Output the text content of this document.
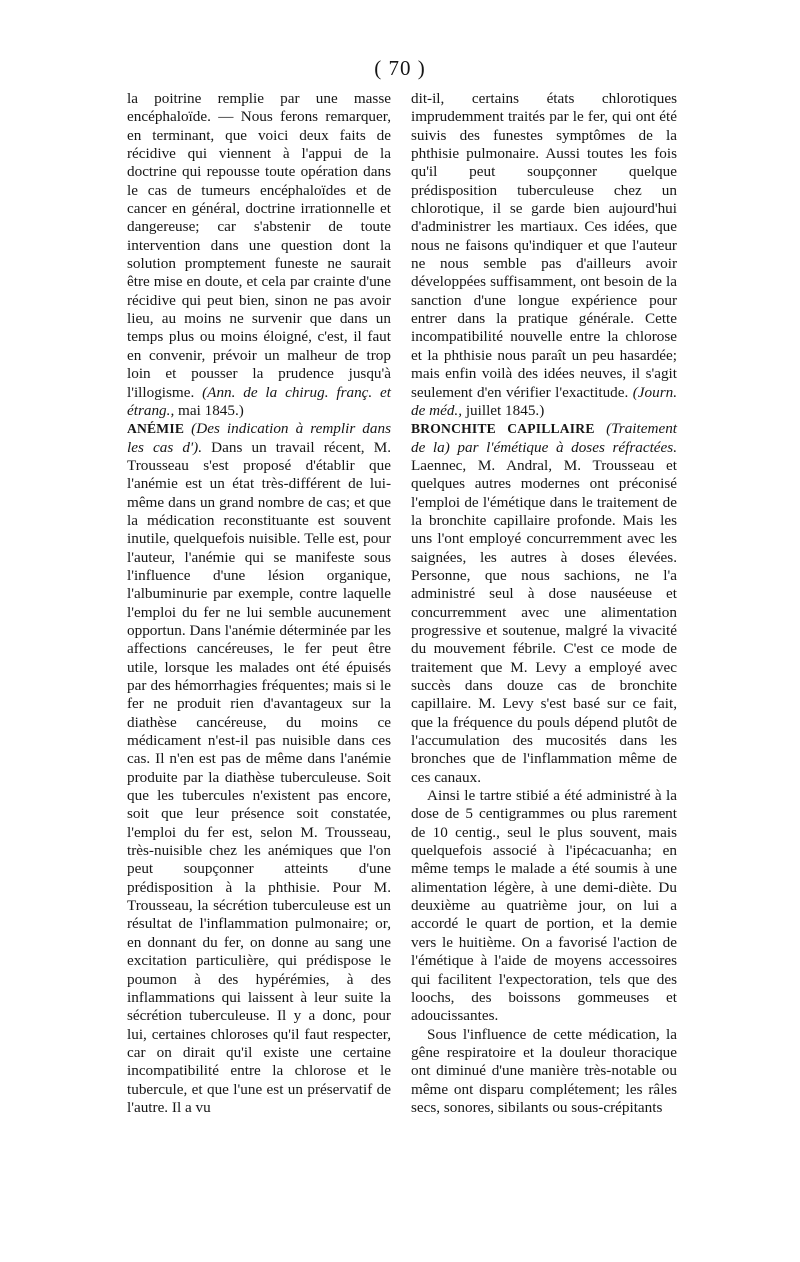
( 70 )

la poitrine remplie par une masse encéphaloïde. — Nous ferons remarquer, en terminant, que voici deux faits de récidive qui viennent à l'appui de la doctrine qui repousse toute opération dans le cas de tumeurs encéphaloïdes et de cancer en général, doctrine irrationnelle et dangereuse; car s'abstenir de toute intervention dans une question dont la solution promptement funeste ne saurait être mise en doute, et cela par crainte d'une récidive qui peut bien, sinon ne pas avoir lieu, au moins ne survenir que dans un temps plus ou moins éloigné, c'est, il faut en convenir, prévoir un malheur de trop loin et pousser la prudence jusqu'à l'illogisme. (Ann. de la chirug. franç. et étrang., mai 1845.)

ANÉMIE (Des indication à remplir dans les cas d'). Dans un travail récent, M. Trousseau s'est proposé d'établir que l'anémie est un état très-différent de lui-même dans un grand nombre de cas; et que la médication reconstituante est souvent inutile, quelquefois nuisible. Telle est, pour l'auteur, l'anémie qui se manifeste sous l'influence d'une lésion organique, l'albuminurie par exemple, contre laquelle l'emploi du fer ne lui semble aucunement opportun. Dans l'anémie déterminée par les affections cancéreuses, le fer peut être utile, lorsque les malades ont été épuisés par des hémorrhagies fréquentes; mais si le fer ne produit rien d'avantageux sur la diathèse cancéreuse, du moins ce médicament n'est-il pas nuisible dans ces cas. Il n'en est pas de même dans l'anémie produite par la diathèse tuberculeuse. Soit que les tubercules n'existent pas encore, soit que leur présence soit constatée, l'emploi du fer est, selon M. Trousseau, très-nuisible chez les anémiques que l'on peut soupçonner atteints d'une prédisposition à la phthisie. Pour M. Trousseau, la sécrétion tuberculeuse est un résultat de l'inflammation pulmonaire; or, en donnant du fer, on donne au sang une excitation particulière, qui prédispose le poumon à des hypérémies, à des inflammations qui laissent à leur suite la sécrétion tuberculeuse. Il y a donc, pour lui, certaines chloroses qu'il faut respecter, car on dirait qu'il existe une certaine incompatibilité entre la chlorose et le tubercule, et que l'une est un préservatif de l'autre. Il a vu

dit-il, certains états chlorotiques imprudemment traités par le fer, qui ont été suivis des funestes symptômes de la phthisie pulmonaire. Aussi toutes les fois qu'il peut soupçonner quelque prédisposition tuberculeuse chez un chlorotique, il se garde bien aujourd'hui d'administrer les martiaux. Ces idées, que nous ne faisons qu'indiquer et que l'auteur ne nous semble pas d'ailleurs avoir développées suffisamment, ont besoin de la sanction d'une longue expérience pour entrer dans la pratique générale. Cette incompatibilité nouvelle entre la chlorose et la phthisie nous paraît un peu hasardée; mais enfin voilà des idées neuves, il s'agit seulement d'en vérifier l'exactitude. (Journ. de méd., juillet 1845.)

BRONCHITE CAPILLAIRE (Traitement de la) par l'émétique à doses réfractées. Laennec, M. Andral, M. Trousseau et quelques autres modernes ont préconisé l'emploi de l'émétique dans le traitement de la bronchite capillaire profonde. Mais les uns l'ont employé concurremment avec les saignées, les autres à doses élevées. Personne, que nous sachions, ne l'a administré seul à dose nauséeuse et concurremment avec une alimentation progressive et soutenue, malgré la vivacité du mouvement fébrile. C'est ce mode de traitement que M. Levy a employé avec succès dans douze cas de bronchite capillaire. M. Levy s'est basé sur ce fait, que la fréquence du pouls dépend plutôt de l'accumulation des mucosités dans les bronches que de l'inflammation même de ces canaux.

Ainsi le tartre stibié a été administré à la dose de 5 centigrammes ou plus rarement de 10 centig., seul le plus souvent, mais quelquefois associé à l'ipécacuanha; en même temps le malade a été soumis à une alimentation légère, à une demi-diète. Du deuxième au quatrième jour, on lui a accordé le quart de portion, et la demie vers le huitième. On a favorisé l'action de l'émétique à l'aide de moyens accessoires qui facilitent l'expectoration, tels que des loochs, des boissons gommeuses et adoucissantes.

Sous l'influence de cette médication, la gêne respiratoire et la douleur thoracique ont diminué d'une manière très-notable ou même ont disparu complétement; les râles secs, sonores, sibilants ou sous-crépitants
